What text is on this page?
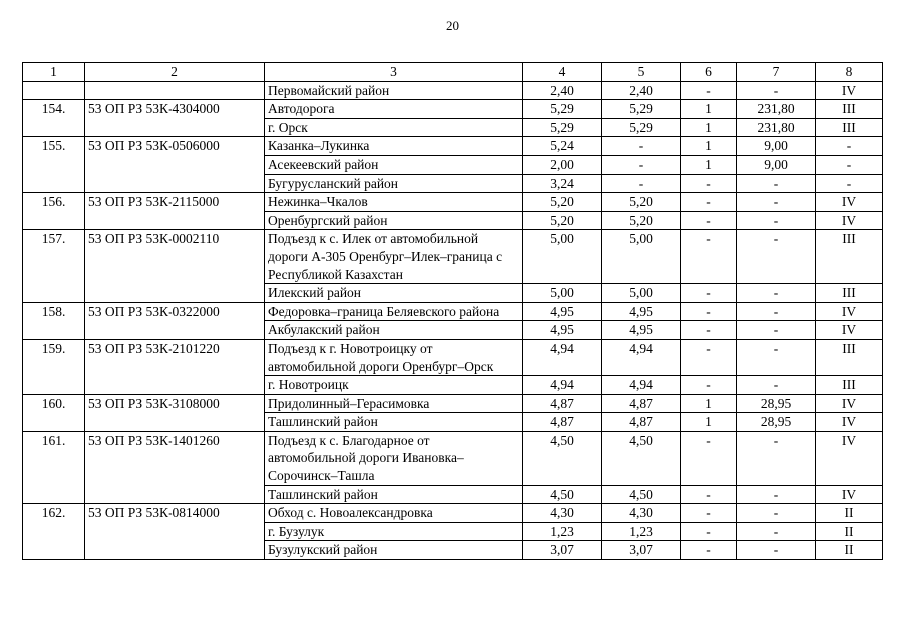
20
1	2	3	4	5	6	7	8
		Первомайский район	2,40	2,40	-	-	IV
154.	53 ОП РЗ 53К-4304000	Автодорога	5,29	5,29	1	231,80	III
		г. Орск	5,29	5,29	1	231,80	III
155.	53 ОП РЗ 53К-0506000	Казанка–Лукинка	5,24	-	1	9,00	-
		Асекеевский район	2,00	-	1	9,00	-
		Бугурусланский район	3,24	-	-	-	-
156.	53 ОП РЗ 53К-2115000	Нежинка–Чкалов	5,20	5,20	-	-	IV
		Оренбургский район	5,20	5,20	-	-	IV
157.	53 ОП РЗ 53К-0002110	Подъезд к с. Илек от автомобильной дороги А-305 Оренбург–Илек–граница с Республикой Казахстан	5,00	5,00	-	-	III
		Илекский район	5,00	5,00	-	-	III
158.	53 ОП РЗ 53К-0322000	Федоровка–граница Беляевского района	4,95	4,95	-	-	IV
		Акбулакский район	4,95	4,95	-	-	IV
159.	53 ОП РЗ 53К-2101220	Подъезд к г. Новотроицку от автомобильной дороги Оренбург–Орск	4,94	4,94	-	-	III
		г. Новотроицк	4,94	4,94	-	-	III
160.	53 ОП РЗ 53К-3108000	Придолинный–Герасимовка	4,87	4,87	1	28,95	IV
		Ташлинский район	4,87	4,87	1	28,95	IV
161.	53 ОП РЗ 53К-1401260	Подъезд к с. Благодарное от автомобильной дороги Ивановка–Сорочинск–Ташла	4,50	4,50	-	-	IV
		Ташлинский район	4,50	4,50	-	-	IV
162.	53 ОП РЗ 53К-0814000	Обход с. Новоалександровка	4,30	4,30	-	-	II
		г. Бузулук	1,23	1,23	-	-	II
		Бузулукский район	3,07	3,07	-	-	II
